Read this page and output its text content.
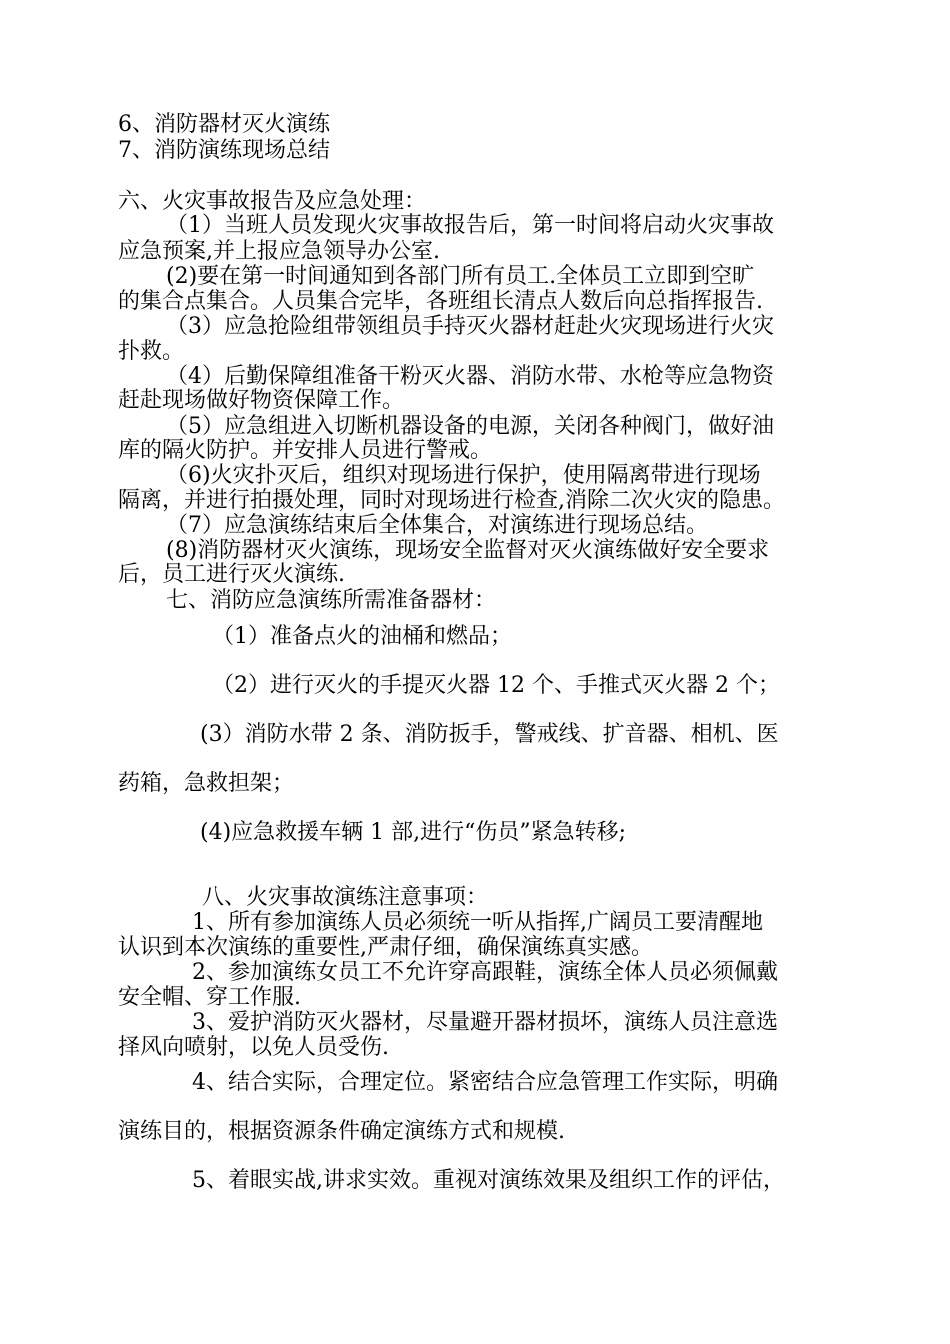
6、消防器材灭火演练

7、消防演练现场总结

六、火灾事故报告及应急处理：

（1）当班人员发现火灾事故报告后，第一时间将启动火灾事故

应急预案,并上报应急领导办公室.

(2)要在第一时间通知到各部门所有员工.全体员工立即到空旷

的集合点集合。人员集合完毕，各班组长清点人数后向总指挥报告.

（3）应急抢险组带领组员手持灭火器材赶赴火灾现场进行火灾

扑救。

（4）后勤保障组准备干粉灭火器、消防水带、水枪等应急物资

赶赴现场做好物资保障工作。

（5）应急组进入切断机器设备的电源，关闭各种阀门，做好油

库的隔火防护。并安排人员进行警戒。

（6)火灾扑灭后，组织对现场进行保护，使用隔离带进行现场

隔离，并进行拍摄处理，同时对现场进行检查,消除二次火灾的隐患。

（7）应急演练结束后全体集合，对演练进行现场总结。

(8)消防器材灭火演练，现场安全监督对灭火演练做好安全要求

后，员工进行灭火演练.

七、消防应急演练所需准备器材：

（1）准备点火的油桶和燃品；

（2）进行灭火的手提灭火器 12 个、手推式灭火器 2 个；

(3）消防水带 2 条、消防扳手，警戒线、扩音器、相机、医

药箱，急救担架；

(4)应急救援车辆 1 部,进行“伤员”紧急转移;

八、火灾事故演练注意事项：

1、所有参加演练人员必须统一听从指挥,广阔员工要清醒地

认识到本次演练的重要性,严肃仔细，确保演练真实感。

2、参加演练女员工不允许穿高跟鞋，演练全体人员必须佩戴

安全帽、穿工作服.

3、爱护消防灭火器材，尽量避开器材损坏，演练人员注意选

择风向喷射，以免人员受伤.

4、结合实际，合理定位。紧密结合应急管理工作实际，明确

演练目的，根据资源条件确定演练方式和规模.

5、着眼实战,讲求实效。重视对演练效果及组织工作的评估，
